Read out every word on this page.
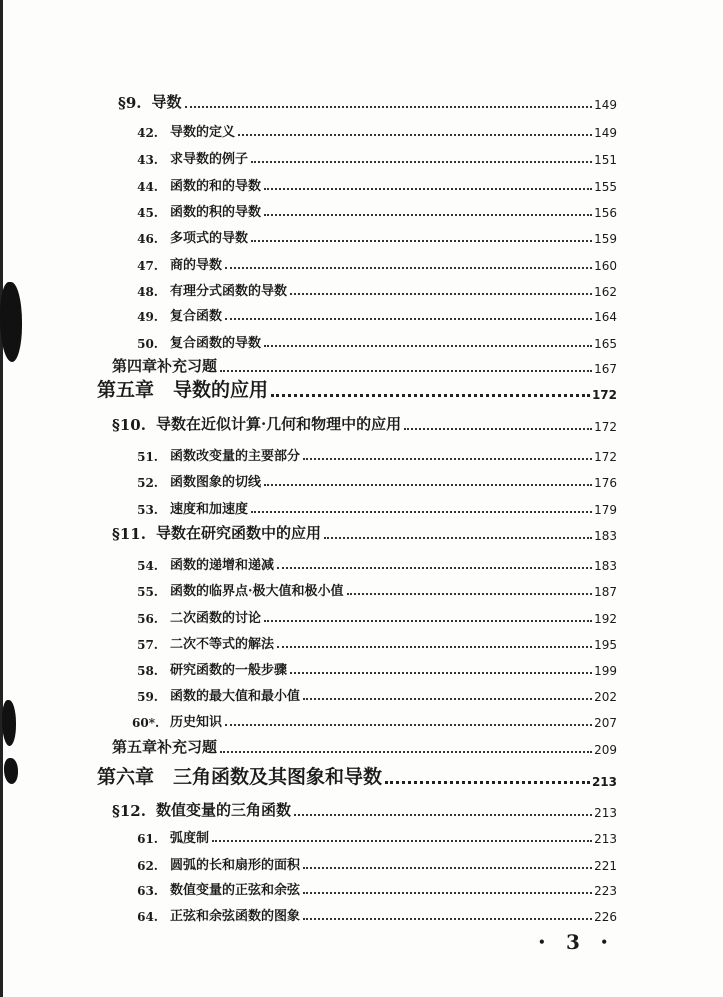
§9. 导数	149
42. 导数的定义	149
43. 求导数的例子	151
44. 函数的和的导数	155
45. 函数的积的导数	156
46. 多项式的导数	159
47. 商的导数	160
48. 有理分式函数的导数	162
49. 复合函数	164
50. 复合函数的导数	165
第四章补充习题	167
第五章　导数的应用	172
§10. 导数在近似计算·几何和物理中的应用	172
51. 函数改变量的主要部分	172
52. 函数图象的切线	176
53. 速度和加速度	179
§11. 导数在研究函数中的应用	183
54. 函数的递增和递减	183
55. 函数的临界点·极大值和极小值	187
56. 二次函数的讨论	192
57. 二次不等式的解法	195
58. 研究函数的一般步骤	199
59. 函数的最大值和最小值	202
60*. 历史知识	207
第五章补充习题	209
第六章　三角函数及其图象和导数	213
§12. 数值变量的三角函数	213
61. 弧度制	213
62. 圆弧的长和扇形的面积	221
63. 数值变量的正弦和余弦	223
64. 正弦和余弦函数的图象	226
• 3 •
